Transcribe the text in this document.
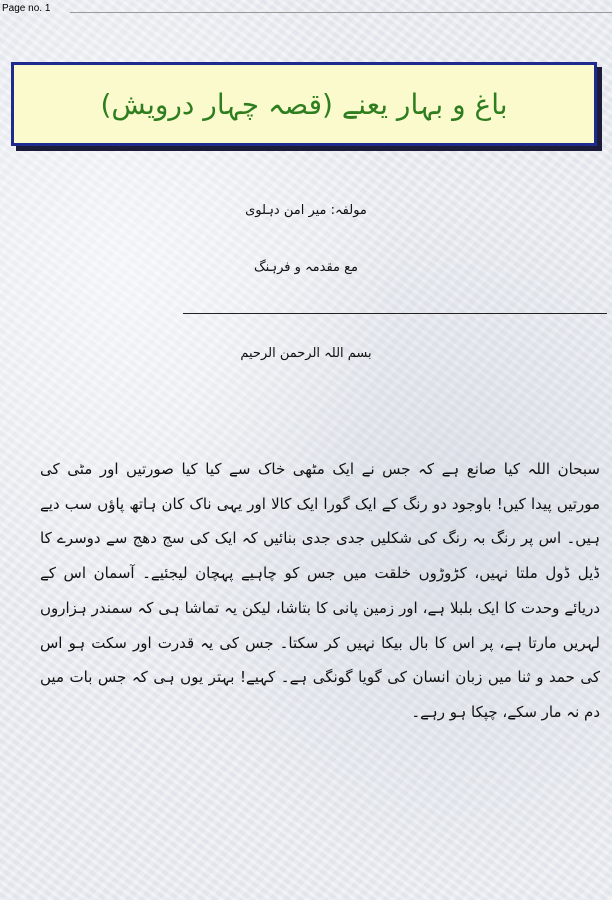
Page no. 1
باغ و بہار یعنے (قصہ چہار درویش)
مولفہ: میر امن دہلوی
مع مقدمہ و فرہنگ
بسم اللہ الرحمن الرحیم
سبحان اللہ کیا صانع ہے کہ جس نے ایک مٹھی خاک سے کیا کیا صورتیں اور مٹی کی مورتیں پیدا کیں! باوجود دو رنگ کے ایک گورا ایک کالا اور یہی ناک کان ہاتھ پاؤں سب دیے ہیں۔ اس پر رنگ بہ رنگ کی شکلیں جدی جدی بنائیں کہ ایک کی سج دھج سے دوسرے کا ڈیل ڈول ملتا نہیں، کڑوڑوں خلقت میں جس کو چاہیے پہچان لیجئیے۔ آسمان اس کے دریائے وحدت کا ایک بلبلا ہے، اور زمین پانی کا بتاشا، لیکن یہ تماشا ہی کہ سمندر ہزاروں لہریں مارتا ہے، پر اس کا بال بیکا نہیں کر سکتا۔ جس کی یہ قدرت اور سکت ہو اس کی حمد و ثنا میں زبان انسان کی گویا گونگی ہے۔ کہیے! بہتر یوں ہی کہ جس بات میں دم نہ مار سکے، چپکا ہو رہے۔
